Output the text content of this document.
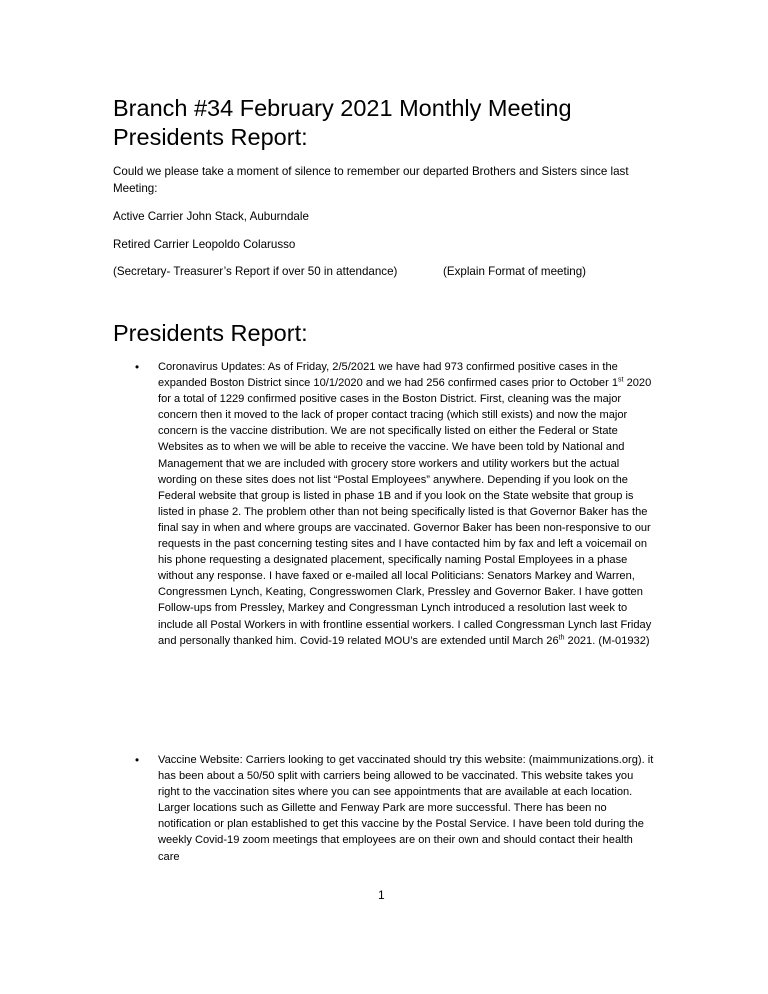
Branch #34 February 2021 Monthly Meeting
Presidents Report:

Could we please take a moment of silence to remember our departed Brothers and Sisters since last Meeting:

Active Carrier John Stack, Auburndale

Retired Carrier Leopoldo Colarusso

(Secretary- Treasurer’s Report if over 50 in attendance)	(Explain Format of meeting)

Presidents Report:
• Coronavirus Updates: As of Friday, 2/5/2021 we have had 973 confirmed positive cases in the expanded Boston District since 10/1/2020 and we had 256 confirmed cases prior to October 1st 2020 for a total of 1229 confirmed positive cases in the Boston District. First, cleaning was the major concern then it moved to the lack of proper contact tracing (which still exists) and now the major concern is the vaccine distribution. We are not specifically listed on either the Federal or State Websites as to when we will be able to receive the vaccine. We have been told by National and Management that we are included with grocery store workers and utility workers but the actual wording on these sites does not list “Postal Employees” anywhere. Depending if you look on the Federal website that group is listed in phase 1B and if you look on the State website that group is listed in phase 2. The problem other than not being specifically listed is that Governor Baker has the final say in when and where groups are vaccinated. Governor Baker has been non-responsive to our requests in the past concerning testing sites and I have contacted him by fax and left a voicemail on his phone requesting a designated placement, specifically naming Postal Employees in a phase without any response. I have faxed or e-mailed all local Politicians: Senators Markey and Warren, Congressmen Lynch, Keating, Congresswomen Clark, Pressley and Governor Baker. I have gotten Follow-ups from Pressley, Markey and Congressman Lynch introduced a resolution last week to include all Postal Workers in with frontline essential workers. I called Congressman Lynch last Friday and personally thanked him. Covid-19 related MOU’s are extended until March 26th 2021. (M-01932)

• Vaccine Website: Carriers looking to get vaccinated should try this website: (maimmunizations.org). it has been about a 50/50 split with carriers being allowed to be vaccinated. This website takes you right to the vaccination sites where you can see appointments that are available at each location. Larger locations such as Gillette and Fenway Park are more successful. There has been no notification or plan established to get this vaccine by the Postal Service. I have been told during the weekly Covid-19 zoom meetings that employees are on their own and should contact their health care

1
